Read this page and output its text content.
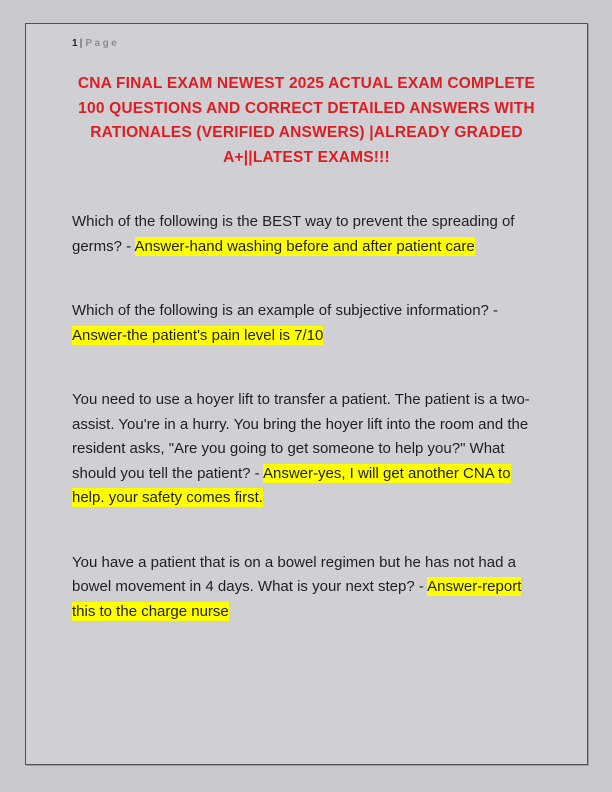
1 | Page
CNA FINAL EXAM NEWEST 2025 ACTUAL EXAM COMPLETE 100 QUESTIONS AND CORRECT DETAILED ANSWERS WITH RATIONALES (VERIFIED ANSWERS) |ALREADY GRADED A+||LATEST EXAMS!!!

Which of the following is the BEST way to prevent the spreading of germs? - Answer-hand washing before and after patient care

Which of the following is an example of subjective information? - Answer-the patient's pain level is 7/10

You need to use a hoyer lift to transfer a patient. The patient is a two-assist. You're in a hurry. You bring the hoyer lift into the room and the resident asks, "Are you going to get someone to help you?" What should you tell the patient? - Answer-yes, I will get another CNA to help. your safety comes first.

You have a patient that is on a bowel regimen but he has not had a bowel movement in 4 days. What is your next step? - Answer-report this to the charge nurse
